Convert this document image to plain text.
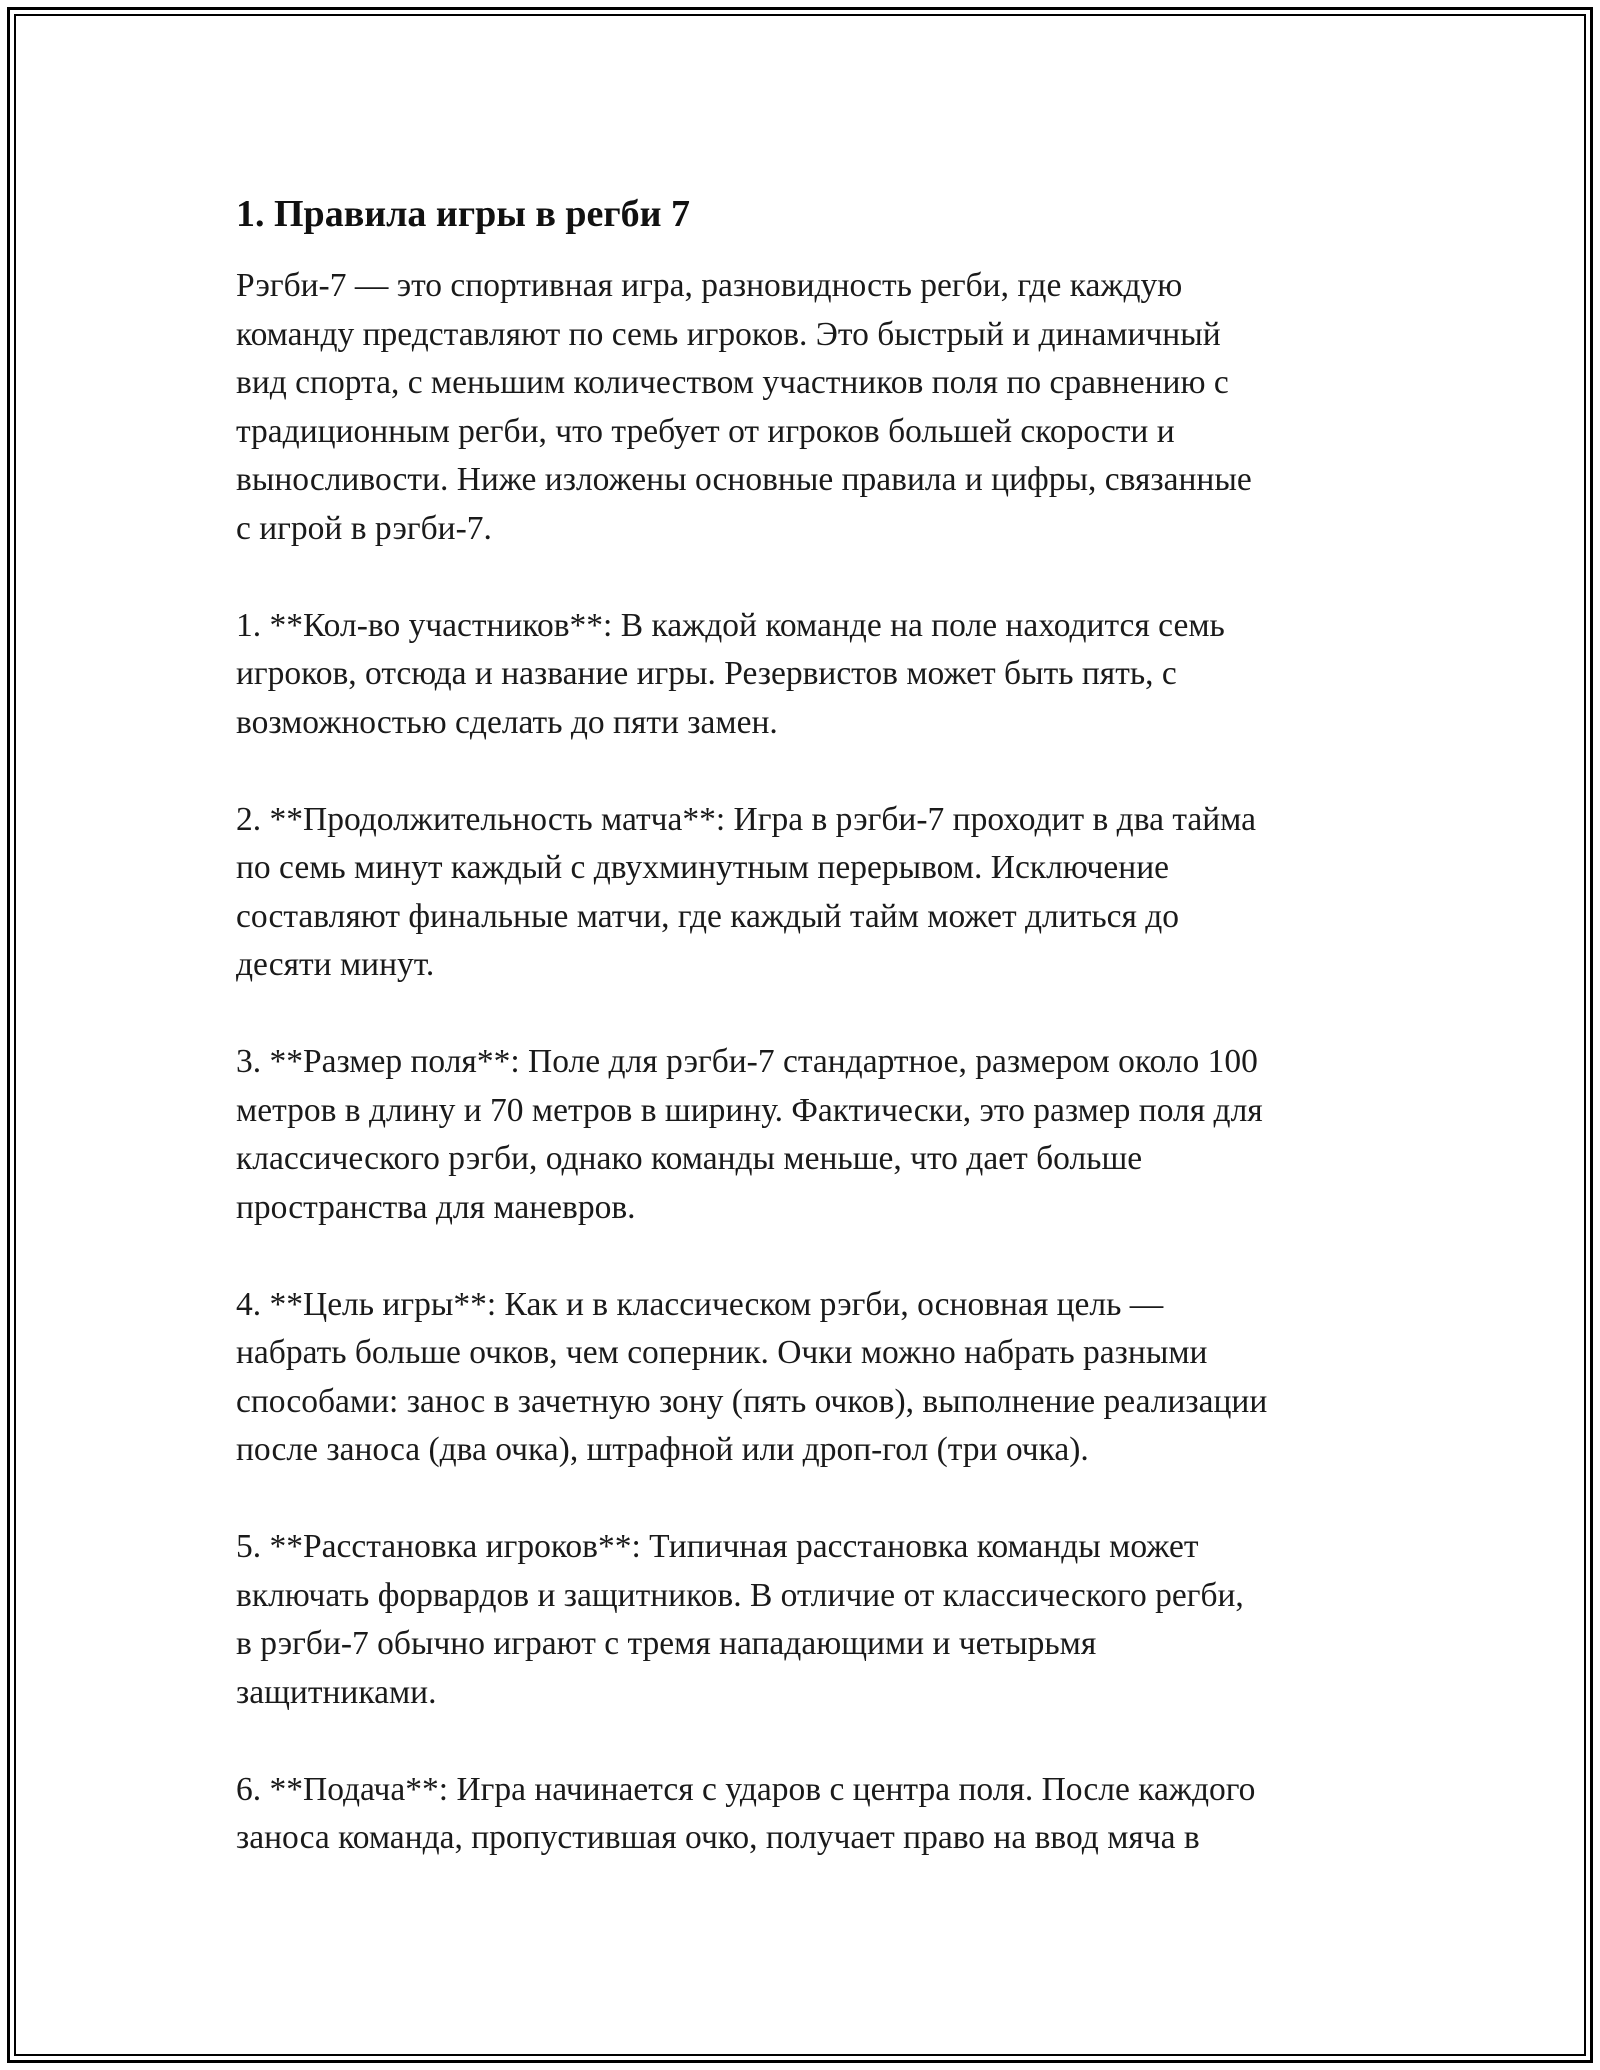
1. Правила игры в регби 7

Рэгби-7 — это спортивная игра, разновидность регби, где каждую
команду представляют по семь игроков. Это быстрый и динамичный
вид спорта, с меньшим количеством участников поля по сравнению с
традиционным регби, что требует от игроков большей скорости и
выносливости. Ниже изложены основные правила и цифры, связанные
с игрой в рэгби-7.

1. **Кол-во участников**: В каждой команде на поле находится семь
игроков, отсюда и название игры. Резервистов может быть пять, с
возможностью сделать до пяти замен.

2. **Продолжительность матча**: Игра в рэгби-7 проходит в два тайма
по семь минут каждый с двухминутным перерывом. Исключение
составляют финальные матчи, где каждый тайм может длиться до
десяти минут.

3. **Размер поля**: Поле для рэгби-7 стандартное, размером около 100
метров в длину и 70 метров в ширину. Фактически, это размер поля для
классического рэгби, однако команды меньше, что дает больше
пространства для маневров.

4. **Цель игры**: Как и в классическом рэгби, основная цель —
набрать больше очков, чем соперник. Очки можно набрать разными
способами: занос в зачетную зону (пять очков), выполнение реализации
после заноса (два очка), штрафной или дроп-гол (три очка).

5. **Расстановка игроков**: Типичная расстановка команды может
включать форвардов и защитников. В отличие от классического регби,
в рэгби-7 обычно играют с тремя нападающими и четырьмя
защитниками.

6. **Подача**: Игра начинается с ударов с центра поля. После каждого
заноса команда, пропустившая очко, получает право на ввод мяча в
